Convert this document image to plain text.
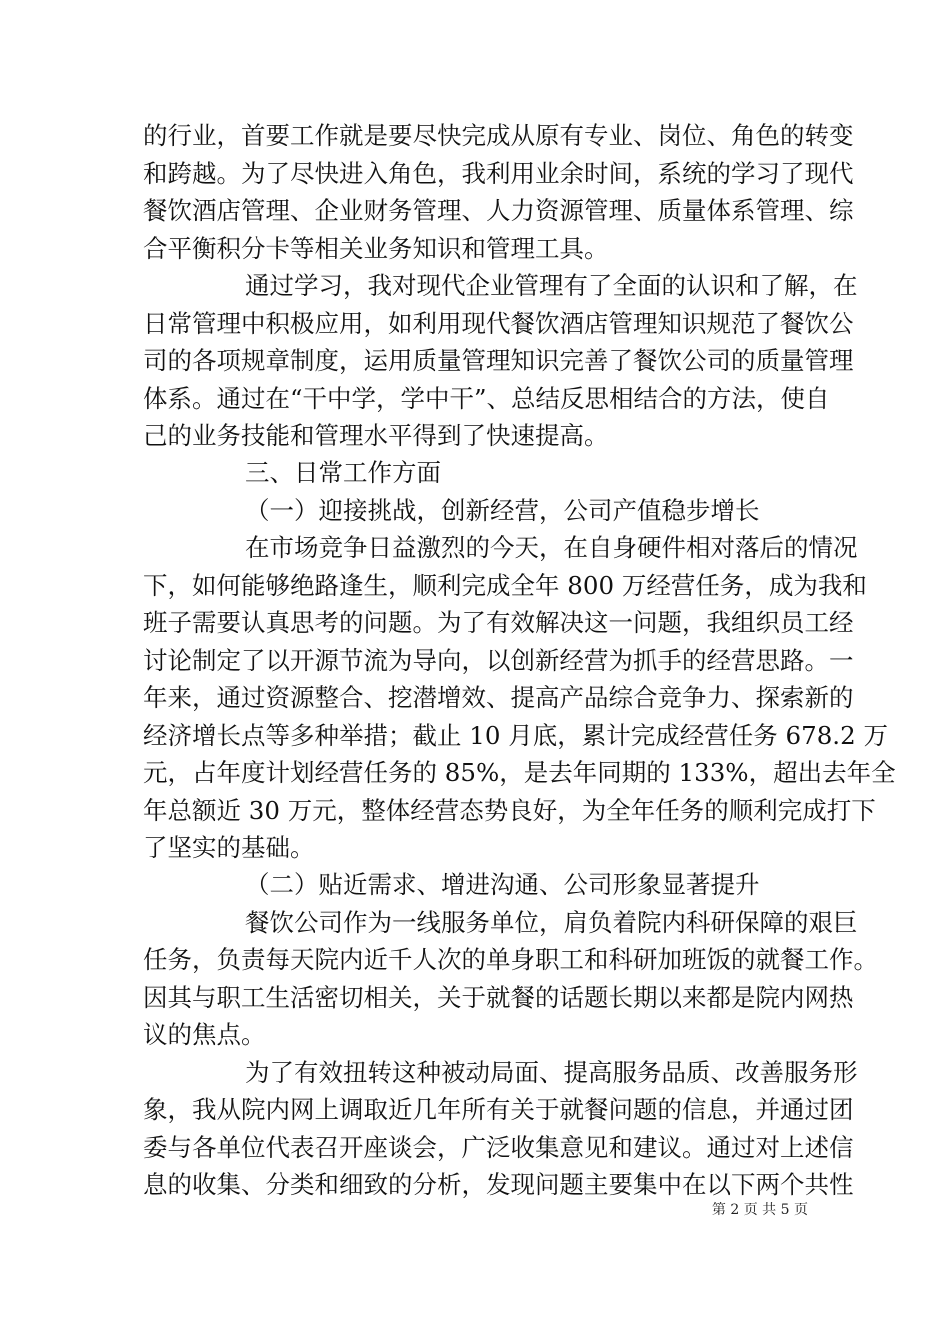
的行业，首要工作就是要尽快完成从原有专业、岗位、角色的转变
和跨越。为了尽快进入角色，我利用业余时间，系统的学习了现代
餐饮酒店管理、企业财务管理、人力资源管理、质量体系管理、综
合平衡积分卡等相关业务知识和管理工具。
通过学习，我对现代企业管理有了全面的认识和了解，在
日常管理中积极应用，如利用现代餐饮酒店管理知识规范了餐饮公
司的各项规章制度，运用质量管理知识完善了餐饮公司的质量管理
体系。通过在“干中学，学中干”、总结反思相结合的方法，使自
己的业务技能和管理水平得到了快速提高。
三、日常工作方面
（一）迎接挑战，创新经营，公司产值稳步增长
在市场竞争日益激烈的今天，在自身硬件相对落后的情况
下，如何能够绝路逢生，顺利完成全年 800 万经营任务，成为我和
班子需要认真思考的问题。为了有效解决这一问题，我组织员工经
讨论制定了以开源节流为导向，以创新经营为抓手的经营思路。一
年来，通过资源整合、挖潜增效、提高产品综合竞争力、探索新的
经济增长点等多种举措；截止 10 月底，累计完成经营任务 678.2 万
元，占年度计划经营任务的 85%，是去年同期的 133%，超出去年全
年总额近 30 万元，整体经营态势良好，为全年任务的顺利完成打下
了坚实的基础。
（二）贴近需求、增进沟通、公司形象显著提升
餐饮公司作为一线服务单位，肩负着院内科研保障的艰巨
任务，负责每天院内近千人次的单身职工和科研加班饭的就餐工作。
因其与职工生活密切相关，关于就餐的话题长期以来都是院内网热
议的焦点。
为了有效扭转这种被动局面、提高服务品质、改善服务形
象，我从院内网上调取近几年所有关于就餐问题的信息，并通过团
委与各单位代表召开座谈会，广泛收集意见和建议。通过对上述信
息的收集、分类和细致的分析，发现问题主要集中在以下两个共性
第 2 页 共 5 页
